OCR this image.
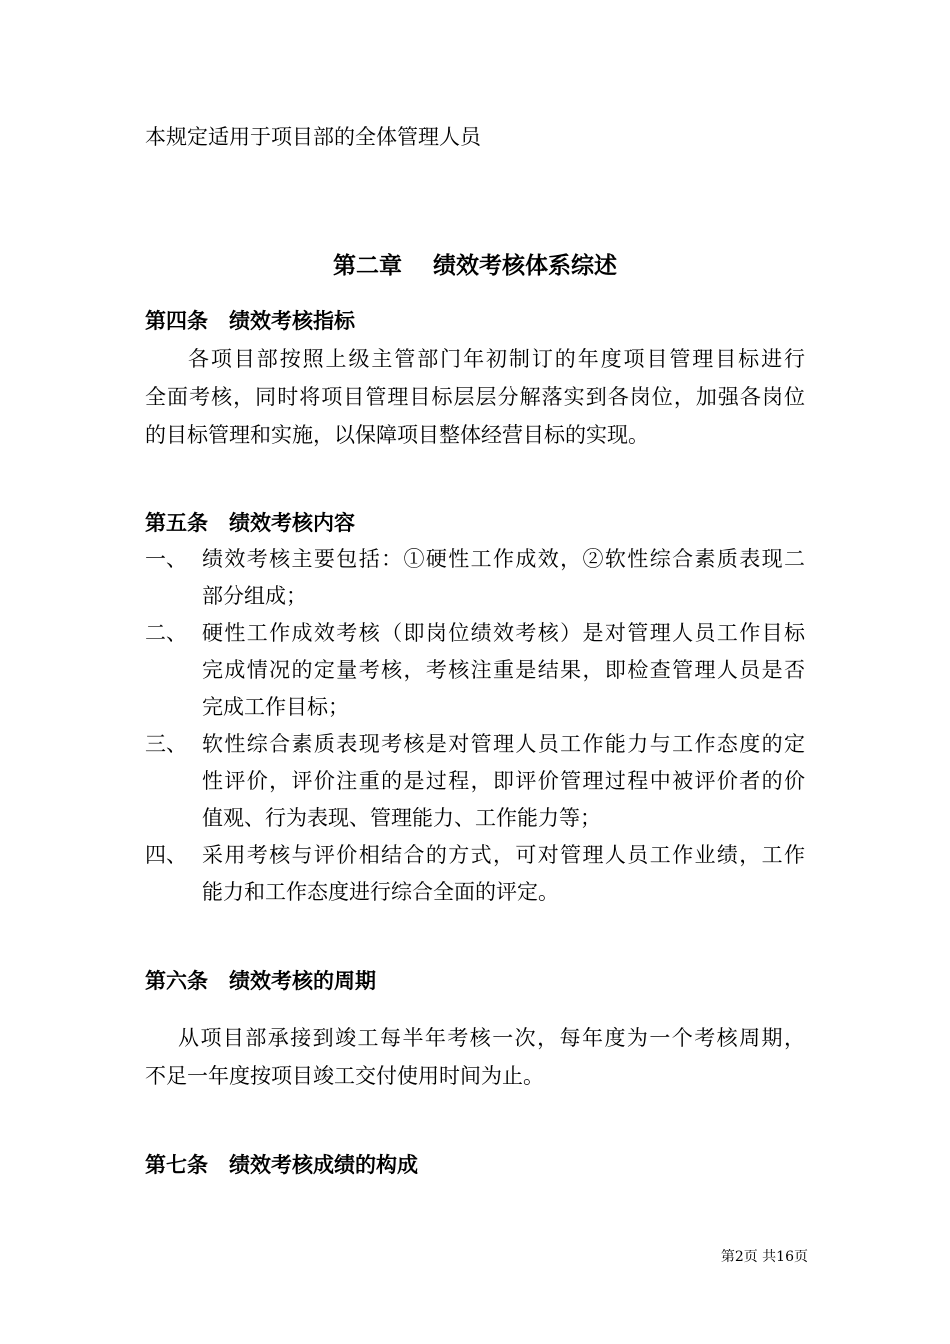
本规定适用于项目部的全体管理人员
第二章　 绩效考核体系综述
第四条　绩效考核指标
各项目部按照上级主管部门年初制订的年度项目管理目标进行
全面考核，同时将项目管理目标层层分解落实到各岗位，加强各岗位
的目标管理和实施，以保障项目整体经营目标的实现。
第五条　绩效考核内容
一、 绩效考核主要包括：①硬性工作成效，②软性综合素质表现二
部分组成；
二、 硬性工作成效考核（即岗位绩效考核）是对管理人员工作目标
完成情况的定量考核，考核注重是结果，即检查管理人员是否
完成工作目标；
三、 软性综合素质表现考核是对管理人员工作能力与工作态度的定
性评价，评价注重的是过程，即评价管理过程中被评价者的价
值观、行为表现、管理能力、工作能力等；
四、 采用考核与评价相结合的方式，可对管理人员工作业绩，工作
能力和工作态度进行综合全面的评定。
第六条　绩效考核的周期
从项目部承接到竣工每半年考核一次，每年度为一个考核周期，
不足一年度按项目竣工交付使用时间为止。
第七条　绩效考核成绩的构成
第2页 共16页
